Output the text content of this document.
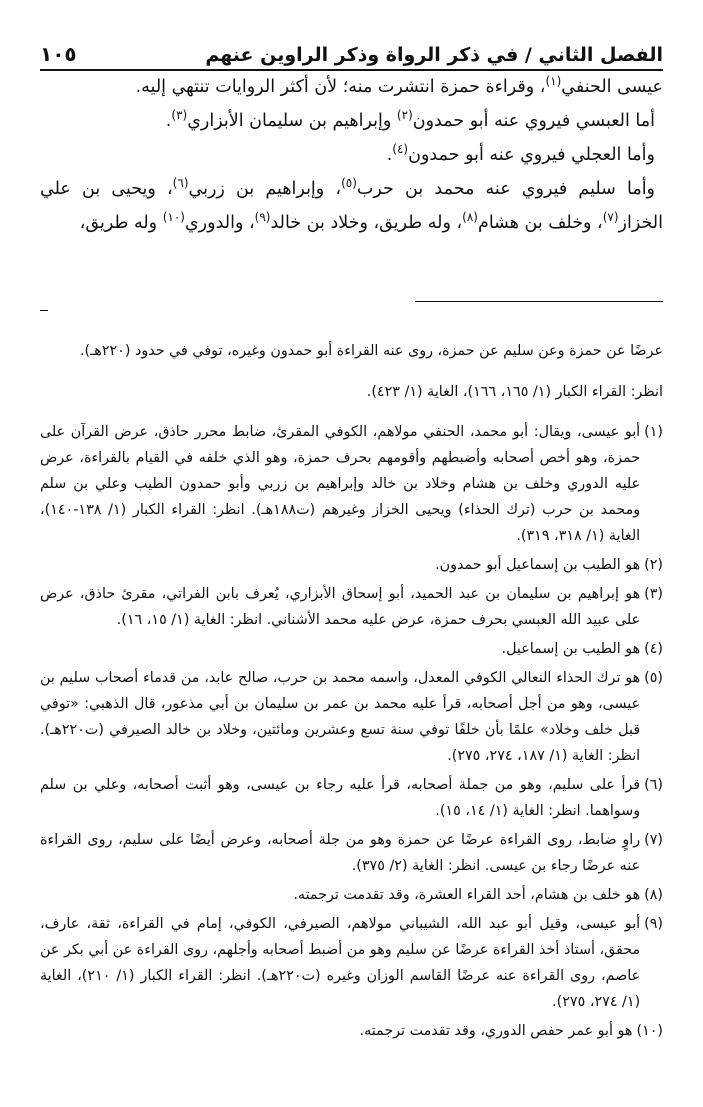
الفصل الثاني / في ذكر الرواة وذكر الراوين عنهم
١٠٥

عيسى الحنفي$^{(١)}$، وقراءة حمزة انتشرت منه؛ لأن أكثر الروايات تنتهي إليه.

أما العبسي فيروي عنه أبو حمدون$^{(٢)}$ وإبراهيم بن سليمان الأبزاري$^{(٣)}$.

وأما العجلي فيروي عنه أبو حمدون$^{(٤)}$.

وأما سليم فيروي عنه محمد بن حرب$^{(٥)}$، وإبراهيم بن زربي$^{(٦)}$، ويحيى بن علي الخزاز$^{(٧)}$، وخلف بن هشام$^{(٨)}$، وله طريق، وخلاد بن خالد$^{(٩)}$، والدوري$^{(١٠)}$ وله طريق،

عرضًا عن حمزة وعن سليم عن حمزة، روى عنه القراءة أبو حمدون وغيره، توفي في حدود (٢٢٠هـ).

انظر: القراء الكبار (١/ ١٦٥، ١٦٦)، الغاية (١/ ٤٢٣).

(١)

أبو عيسى، ويقال: أبو محمد، الحنفي مولاهم، الكوفي المقرئ، ضابط محرر حاذق، عرض القرآن على حمزة، وهو أخص أصحابه وأضبطهم وأقومهم بحرف حمزة، وهو الذي خلفه في القيام بالقراءة، عرض عليه الدوري وخلف بن هشام وخلاد بن خالد وإبراهيم بن زربي وأبو حمدون الطيب وعلي بن سلم ومحمد بن حرب (ترك الحذاء) ويحيى الخزاز وغيرهم (ت١٨٨هـ). انظر: القراء الكبار (١/ ١٣٨-١٤٠)، الغاية (١/ ٣١٨، ٣١٩).

(٢)

هو الطيب بن إسماعيل أبو حمدون.

(٣)

هو إبراهيم بن سليمان بن عبد الحميد، أبو إسحاق الأبزاري، يُعرف بابن الفراتي، مقرئ حاذق، عرض على عبيد الله العبسي بحرف حمزة، عرض عليه محمد الأشناني. انظر: الغاية (١/ ١٥، ١٦).

(٤)

هو الطيب بن إسماعيل.

(٥)

هو ترك الحذاء النعالي الكوفي المعدل، واسمه محمد بن حرب، صالح عابد، من قدماء أصحاب سليم بن عيسى، وهو من أجل أصحابه، قرأ عليه محمد بن عمر بن سليمان بن أبي مذعور، قال الذهبي: «توفي قبل خلف وخلاد» علمًا بأن خلفًا توفي سنة تسع وعشرين ومائتين، وخلاد بن خالد الصيرفي (ت٢٢٠هـ). انظر: الغاية (١/ ١٨٧، ٢٧٤، ٢٧٥).

(٦)

قرأ على سليم، وهو من جملة أصحابه، قرأ عليه رجاء بن عيسى، وهو أثبت أصحابه، وعلي بن سلم وسواهما. انظر: الغاية (١/ ١٤، ١٥).

(٧)

راوٍ ضابط، روى القراءة عرضًا عن حمزة وهو من جلة أصحابه، وعرض أيضًا على سليم، روى القراءة عنه عرضًا رجاء بن عيسى. انظر: الغاية (٢/ ٣٧٥).

(٨)

هو خلف بن هشام، أحد القراء العشرة، وقد تقدمت ترجمته.

(٩)

أبو عيسى، وقيل أبو عبد الله، الشيباني مولاهم، الصيرفي، الكوفي، إمام في القراءة، ثقة، عارف، محقق، أستاذ أخذ القراءة عرضًا عن سليم وهو من أضبط أصحابه وأجلهم، روى القراءة عن أبي بكر عن عاصم، روى القراءة عنه عرضًا القاسم الوزان وغيره (ت٢٢٠هـ). انظر: القراء الكبار (١/ ٢١٠)، الغاية (١/ ٢٧٤، ٢٧٥).

(١٠)

هو أبو عمر حفص الدوري، وقد تقدمت ترجمته.
